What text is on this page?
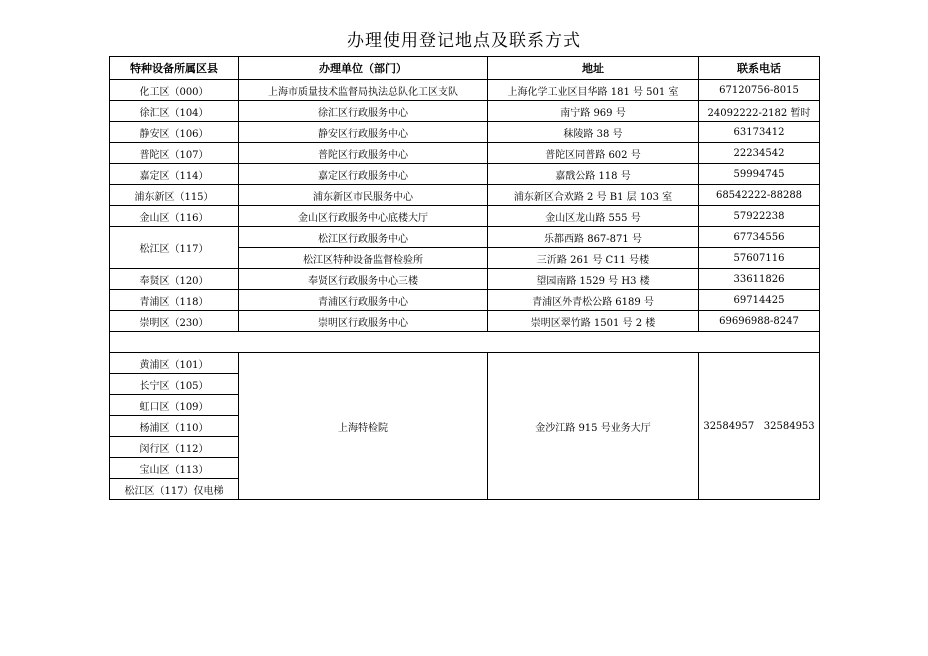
办理使用登记地点及联系方式
特种设备所属区县	办理单位（部门）	地址	联系电话
化工区（000）	上海市质量技术监督局执法总队化工区支队	上海化学工业区目华路 181 号 501 室	67120756-8015
徐汇区（104）	徐汇区行政服务中心	南宁路 969 号	24092222-2182 暂时
静安区（106）	静安区行政服务中心	秣陵路 38 号	63173412
普陀区（107）	普陀区行政服务中心	普陀区同普路 602 号	22234542
嘉定区（114）	嘉定区行政服务中心	嘉戬公路 118 号	59994745
浦东新区（115）	浦东新区市民服务中心	浦东新区合欢路 2 号 B1 层 103 室	68542222-88288
金山区（116）	金山区行政服务中心底楼大厅	金山区龙山路 555 号	57922238
松江区（117）	松江区行政服务中心	乐都西路 867-871 号	67734556
	松江区特种设备监督检验所	三沂路 261 号 C11 号楼	57607116
奉贤区（120）	奉贤区行政服务中心三楼	望园南路 1529 号 H3 楼	33611826
青浦区（118）	青浦区行政服务中心	青浦区外青松公路 6189 号	69714425
崇明区（230）	崇明区行政服务中心	崇明区翠竹路 1501 号 2 楼	69696988-8247

黄浦区（101）	上海特检院	金沙江路 915 号业务大厅	32584957   32584953
长宁区（105）			
虹口区（109）			
杨浦区（110）			
闵行区（112）			
宝山区（113）			
松江区（117）仅电梯			
